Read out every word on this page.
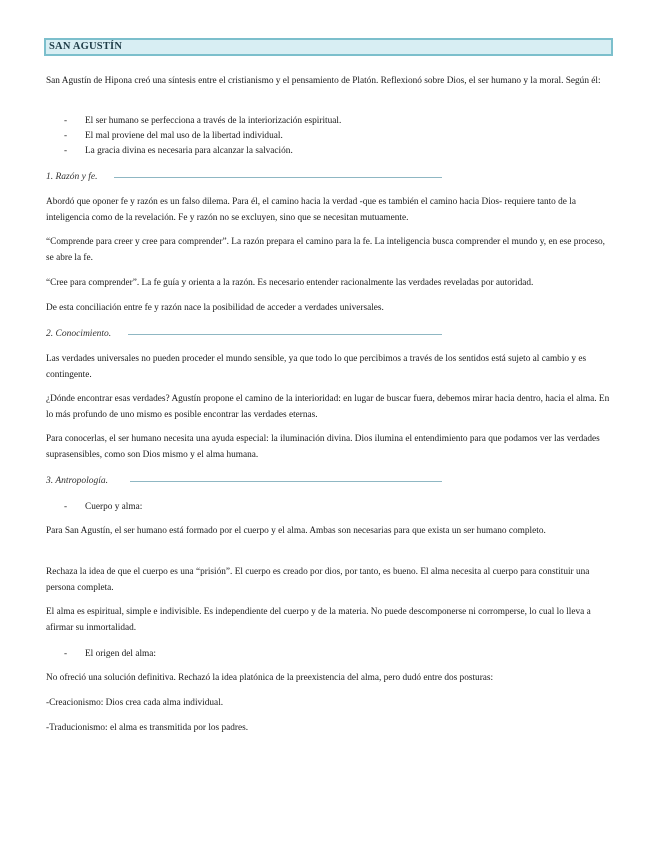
SAN AGUSTÍN

San Agustín de Hipona creó una síntesis entre el cristianismo y el pensamiento de Platón. Reflexionó sobre Dios, el ser humano y la moral. Según él:

- El ser humano se perfecciona a través de la interiorización espiritual.
- El mal proviene del mal uso de la libertad individual.
- La gracia divina es necesaria para alcanzar la salvación.
1. Razón y fe.

Abordó que oponer fe y razón es un falso dilema. Para él, el camino hacia la verdad -que es también el camino hacia Dios- requiere tanto de la inteligencia como de la revelación. Fe y razón no se excluyen, sino que se necesitan mutuamente.

“Comprende para creer y cree para comprender”. La razón prepara el camino para la fe. La inteligencia busca comprender el mundo y, en ese proceso, se abre la fe.

“Cree para comprender”. La fe guía y orienta a la razón. Es necesario entender racionalmente las verdades reveladas por autoridad.

De esta conciliación entre fe y razón nace la posibilidad de acceder a verdades universales.

2. Conocimiento.

Las verdades universales no pueden proceder el mundo sensible, ya que todo lo que percibimos a través de los sentidos está sujeto al cambio y es contingente.

¿Dónde encontrar esas verdades? Agustín propone el camino de la interioridad: en lugar de buscar fuera, debemos mirar hacia dentro, hacia el alma. En lo más profundo de uno mismo es posible encontrar las verdades eternas.

Para conocerlas, el ser humano necesita una ayuda especial: la iluminación divina. Dios ilumina el entendimiento para que podamos ver las verdades suprasensibles, como son Dios mismo y el alma humana.

3. Antropología.
- Cuerpo y alma:

Para San Agustín, el ser humano está formado por el cuerpo y el alma. Ambas son necesarias para que exista un ser humano completo.

Rechaza la idea de que el cuerpo es una “prisión”. El cuerpo es creado por dios, por tanto, es bueno. El alma necesita al cuerpo para constituir una persona completa.

El alma es espiritual, simple e indivisible. Es independiente del cuerpo y de la materia. No puede descomponerse ni corromperse, lo cual lo lleva a afirmar su inmortalidad.

- El origen del alma:

No ofreció una solución definitiva. Rechazó la idea platónica de la preexistencia del alma, pero dudó entre dos posturas:

-Creacionismo: Dios crea cada alma individual.

-Traducionismo: el alma es transmitida por los padres.
